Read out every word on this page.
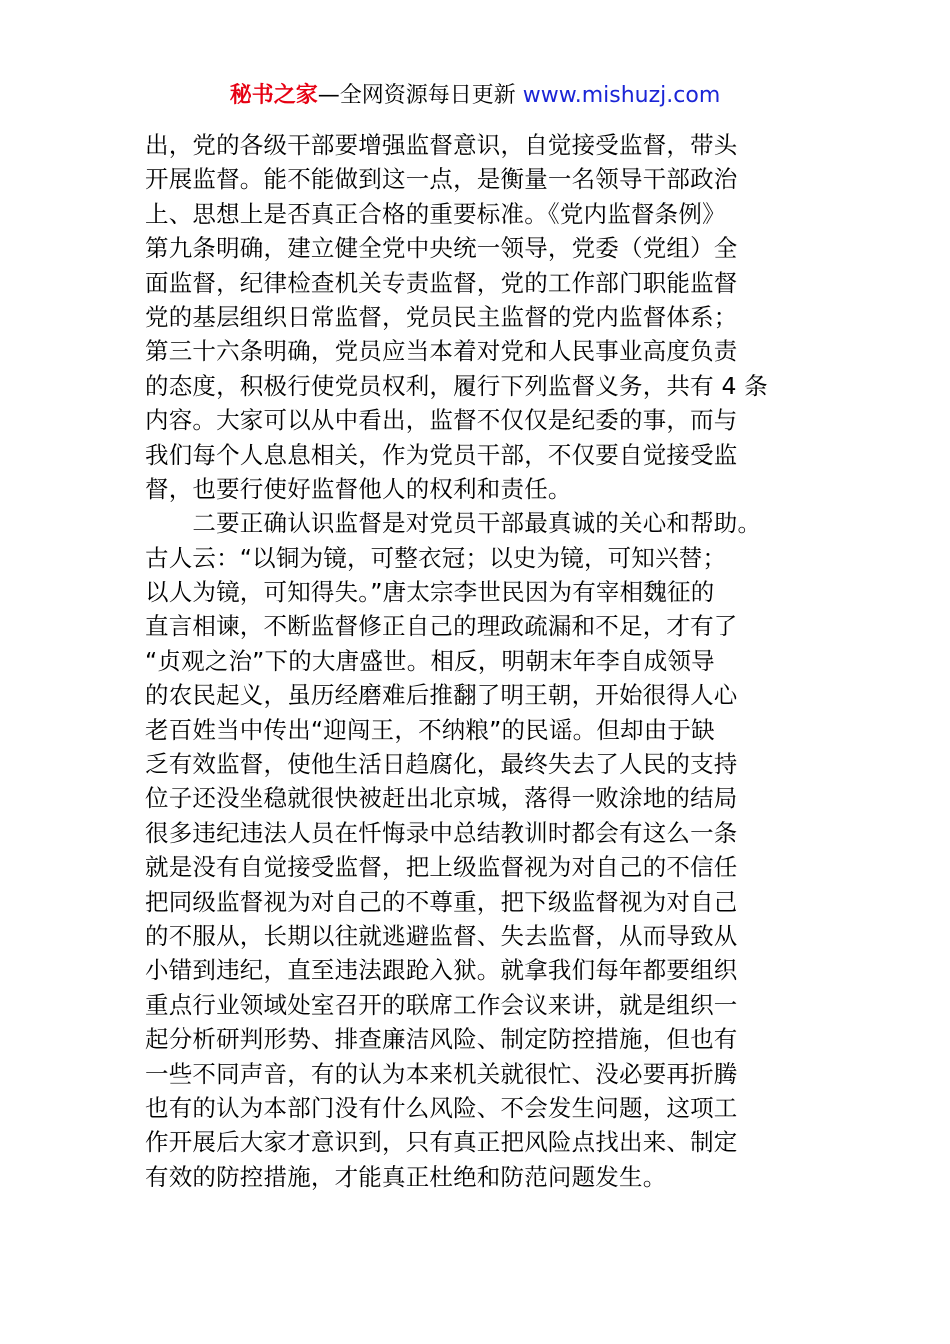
秘书之家—全网资源每日更新 www.mishuzj.com
出，党的各级干部要增强监督意识，自觉接受监督，带头
开展监督。能不能做到这一点，是衡量一名领导干部政治
上、思想上是否真正合格的重要标准。《党内监督条例》
第九条明确，建立健全党中央统一领导，党委（党组）全
面监督，纪律检查机关专责监督，党的工作部门职能监督
党的基层组织日常监督，党员民主监督的党内监督体系；
第三十六条明确，党员应当本着对党和人民事业高度负责
的态度，积极行使党员权利，履行下列监督义务，共有 4 条
内容。大家可以从中看出，监督不仅仅是纪委的事，而与
我们每个人息息相关，作为党员干部，不仅要自觉接受监
督，也要行使好监督他人的权利和责任。
　　二要正确认识监督是对党员干部最真诚的关心和帮助。
古人云：“以铜为镜，可整衣冠；以史为镜，可知兴替；
以人为镜，可知得失。”唐太宗李世民因为有宰相魏征的
直言相谏，不断监督修正自己的理政疏漏和不足，才有了
“贞观之治”下的大唐盛世。相反，明朝末年李自成领导
的农民起义，虽历经磨难后推翻了明王朝，开始很得人心
老百姓当中传出“迎闯王，不纳粮”的民谣。但却由于缺
乏有效监督，使他生活日趋腐化，最终失去了人民的支持
位子还没坐稳就很快被赶出北京城，落得一败涂地的结局
很多违纪违法人员在忏悔录中总结教训时都会有这么一条
就是没有自觉接受监督，把上级监督视为对自己的不信任
把同级监督视为对自己的不尊重，把下级监督视为对自己
的不服从，长期以往就逃避监督、失去监督，从而导致从
小错到违纪，直至违法跟跄入狱。就拿我们每年都要组织
重点行业领域处室召开的联席工作会议来讲，就是组织一
起分析研判形势、排查廉洁风险、制定防控措施，但也有
一些不同声音，有的认为本来机关就很忙、没必要再折腾
也有的认为本部门没有什么风险、不会发生问题，这项工
作开展后大家才意识到，只有真正把风险点找出来、制定
有效的防控措施，才能真正杜绝和防范问题发生。
